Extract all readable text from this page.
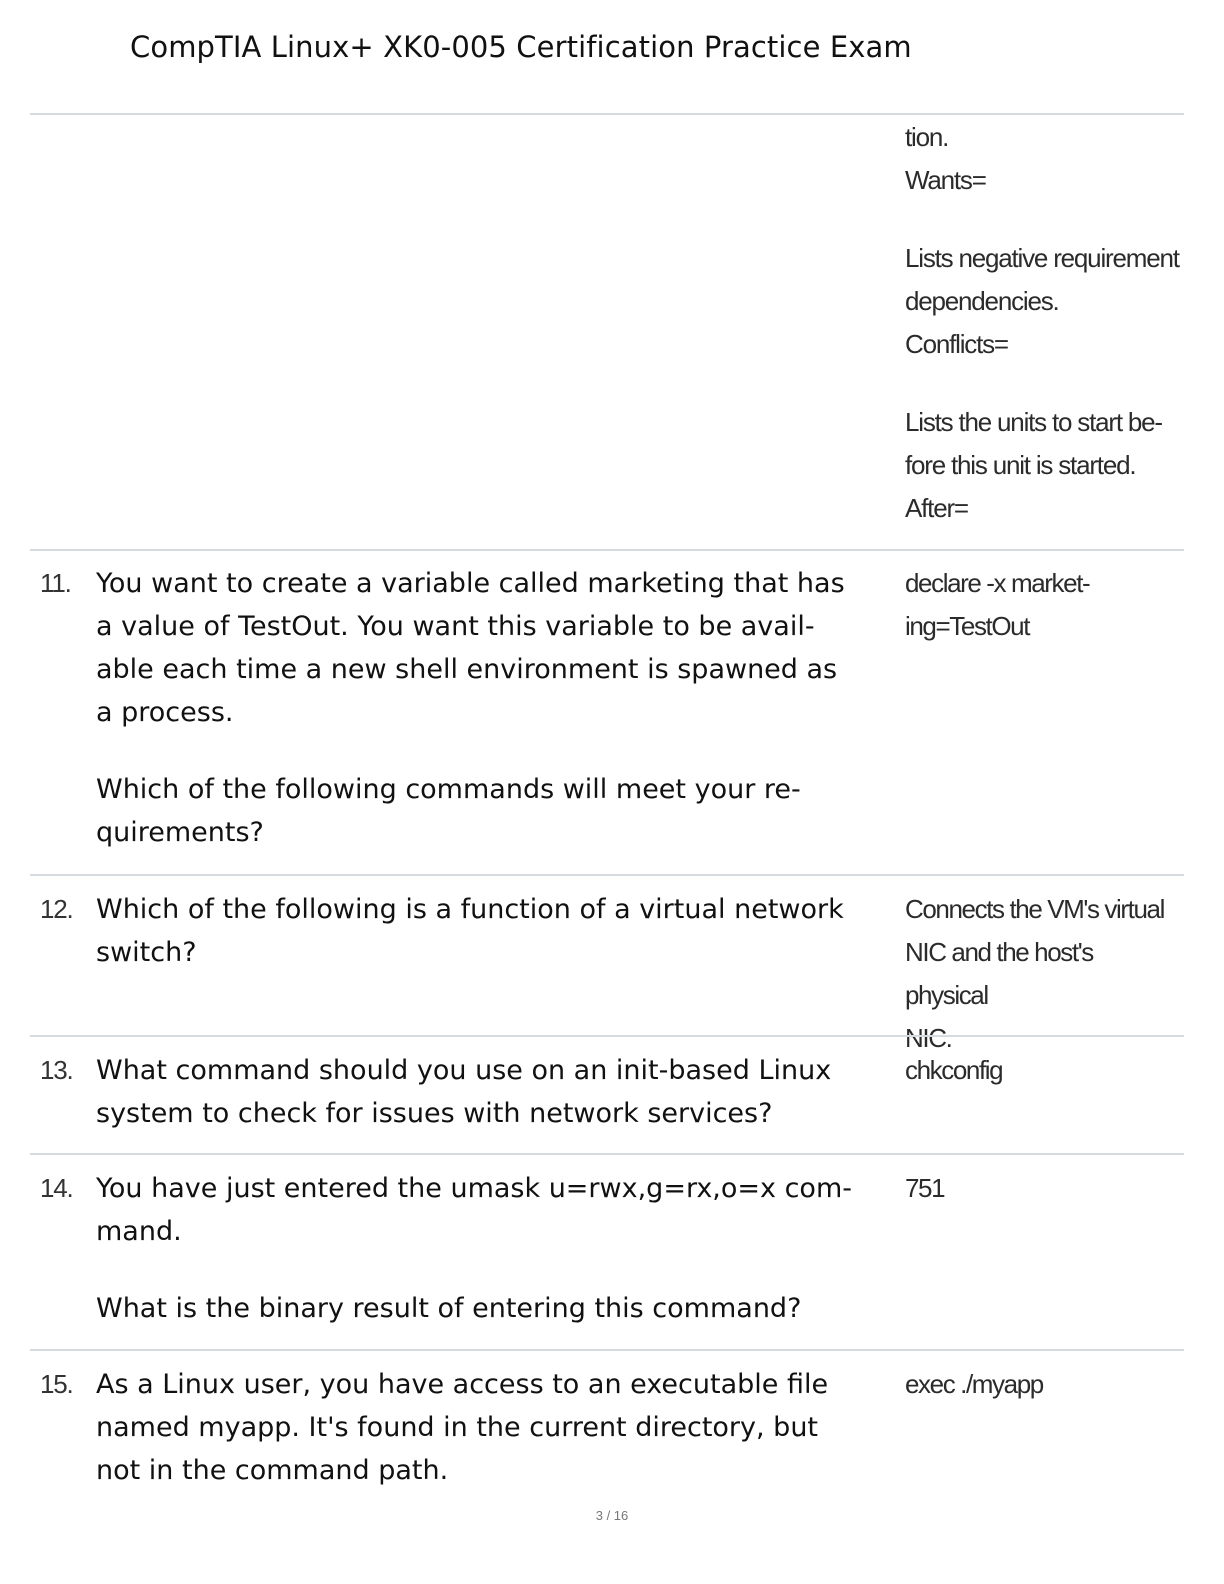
CompTIA Linux+ XK0-005 Certification Practice Exam

tion.

Wants=

Lists negative requirement

dependencies.

Conflicts=

Lists the units to start be-

fore this unit is started.

After=

11. You want to create a variable called marketing that has

a value of TestOut. You want this variable to be avail-

able each time a new shell environment is spawned as

a process.

Which of the following commands will meet your re-

quirements?

declare -x market-

ing=TestOut

12. Which of the following is a function of a virtual network

switch?

Connects the VM's virtual

NIC and the host's physical

NIC.

13. What command should you use on an init-based Linux

system to check for issues with network services?

chkconfig

14. You have just entered the umask u=rwx,g=rx,o=x com-

mand.

What is the binary result of entering this command?

751

15. As a Linux user, you have access to an executable file

named myapp. It's found in the current directory, but

not in the command path.

exec ./myapp

3 / 16
